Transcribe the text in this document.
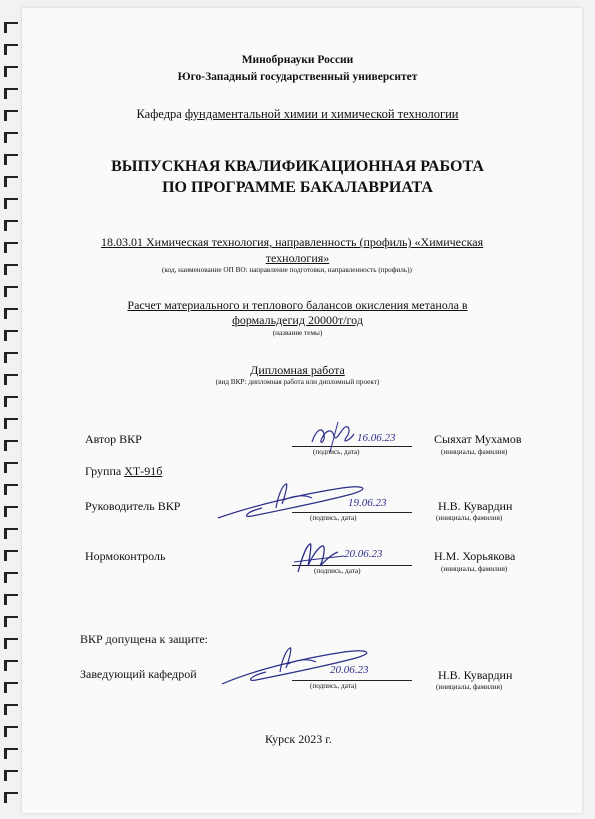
Минобрнауки России
Юго-Западный государственный университет
Кафедра фундаментальной химии и химической технологии
ВЫПУСКНАЯ КВАЛИФИКАЦИОННАЯ РАБОТА
ПО ПРОГРАММЕ БАКАЛАВРИАТА
18.03.01 Химическая технология, направленность (профиль) «Химическая
технология»
(код, наименование ОП ВО: направление подготовки, направленность (профиль))
Расчет материального и теплового балансов окисления метанола в
формальдегид 20000т/год
(название темы)
Дипломная работа
(вид ВКР: дипломная работа или дипломный проект)
Автор ВКР	16.06.23
(подпись, дата)
Сыяхат Мухамов
(инициалы, фамилия)
Группа ХТ-91б
Руководитель ВКР	19.06.23
(подпись, дата)
Н.В. Кувардин
(инициалы, фамилия)
Нормоконтроль	20.06.23
(подпись, дата)
Н.М. Хорьякова
(инициалы, фамилия)
ВКР допущена к защите:
Заведующий кафедрой	20.06.23
(подпись, дата)
Н.В. Кувардин
(инициалы, фамилия)
Курск 2023 г.
